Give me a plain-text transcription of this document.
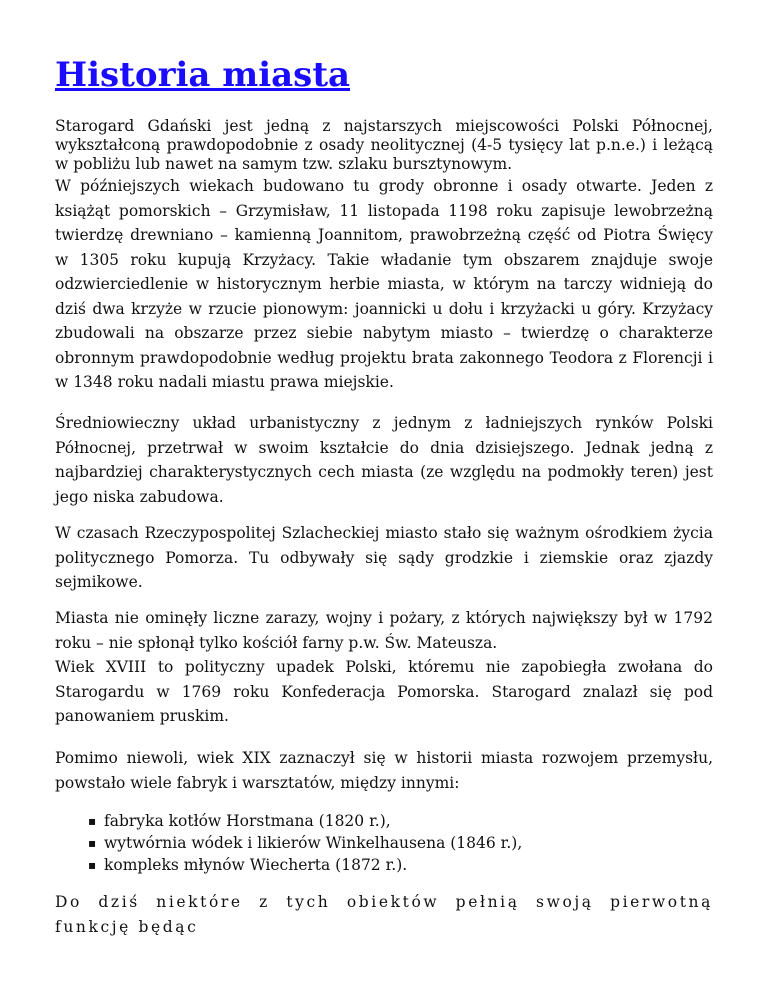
Historia miasta
Starogard Gdański jest jedną z najstarszych miejscowości Polski Północnej, wykształconą prawdopodobnie z osady neolitycznej (4-5 tysięcy lat p.n.e.) i leżącą w pobliżu lub nawet na samym tzw. szlaku bursztynowym.
W późniejszych wiekach budowano tu grody obronne i osady otwarte. Jeden z książąt pomorskich – Grzymisław, 11 listopada 1198 roku zapisuje lewobrzeżną twierdzę drewniano – kamienną Joannitom, prawobrzeżną część od Piotra Święcy w 1305 roku kupują Krzyżacy. Takie władanie tym obszarem znajduje swoje odzwierciedlenie w historycznym herbie miasta, w którym na tarczy widnieją do dziś dwa krzyże w rzucie pionowym: joannicki u dołu i krzyżacki u góry. Krzyżacy zbudowali na obszarze przez siebie nabytym miasto – twierdzę o charakterze obronnym prawdopodobnie według projektu brata zakonnego Teodora z Florencji i w 1348 roku nadali miastu prawa miejskie.
Średniowieczny układ urbanistyczny z jednym z ładniejszych rynków Polski Północnej, przetrwał w swoim kształcie do dnia dzisiejszego. Jednak jedną z najbardziej charakterystycznych cech miasta (ze względu na podmokły teren) jest jego niska zabudowa.
W czasach Rzeczypospolitej Szlacheckiej miasto stało się ważnym ośrodkiem życia politycznego Pomorza. Tu odbywały się sądy grodzkie i ziemskie oraz zjazdy sejmikowe.
Miasta nie ominęły liczne zarazy, wojny i pożary, z których największy był w 1792 roku – nie spłonął tylko kościół farny p.w. Św. Mateusza.
Wiek XVIII to polityczny upadek Polski, któremu nie zapobiegła zwołana do Starogardu w 1769 roku Konfederacja Pomorska. Starogard znalazł się pod panowaniem pruskim.
Pomimo niewoli, wiek XIX zaznaczył się w historii miasta rozwojem przemysłu, powstało wiele fabryk i warsztatów, między innymi:
▪ fabryka kotłów Horstmana (1820 r.),
▪ wytwórnia wódek i likierów Winkelhausena (1846 r.),
▪ kompleks młynów Wiecherta (1872 r.).
Do dziś niektóre z tych obiektów pełnią swoją pierwotną funkcję będąc
